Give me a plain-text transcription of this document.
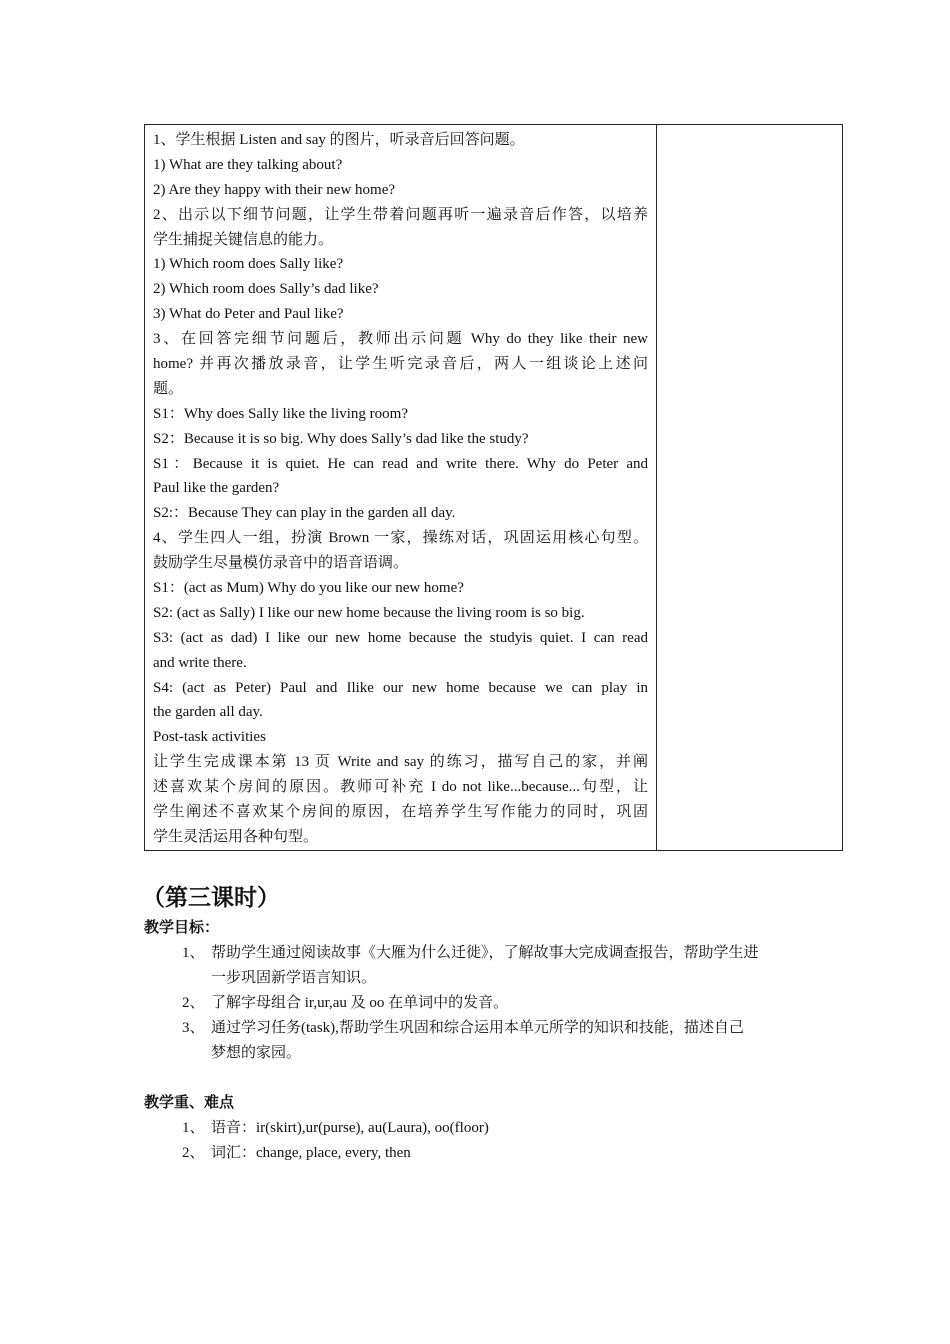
1、学生根据 Listen and say 的图片，听录音后回答问题。
1) What are they talking about?
2) Are they happy with their new home?
2、出示以下细节问题，让学生带着问题再听一遍录音后作答，以培养
学生捕捉关键信息的能力。
1) Which room does Sally like?
2) Which room does Sally’s dad like?
3) What do Peter and Paul like?
3、在回答完细节问题后，教师出示问题 Why do they like their new
home? 并再次播放录音，让学生听完录音后，两人一组谈论上述问
题。
S1：Why does Sally like the living room?
S2：Because it is so big. Why does Sally’s dad like the study?
S1：Because it is quiet. He can read and write there. Why do Peter and
Paul like the garden?
S2:：Because They can play in the garden all day.
4、学生四人一组，扮演 Brown 一家，操练对话，巩固运用核心句型。
鼓励学生尽量模仿录音中的语音语调。
S1：(act as Mum) Why do you like our new home?
S2: (act as Sally) I like our new home because the living room is so big.
S3: (act as dad) I like our new home because the studyis quiet. I can read
and write there.
S4: (act as Peter) Paul and Ilike our new home because we can play in
the garden all day.
Post-task activities
让学生完成课本第 13 页 Write and say 的练习，描写自己的家，并阐
述喜欢某个房间的原因。教师可补充 I do not like...because...句型，让
学生阐述不喜欢某个房间的原因，在培养学生写作能力的同时，巩固
学生灵活运用各种句型。

（第三课时）
教学目标：
1、 帮助学生通过阅读故事《大雁为什么迁徙》，了解故事大完成调查报告，帮助学生进
一步巩固新学语言知识。
2、 了解字母组合 ir,ur,au 及 oo 在单词中的发音。
3、 通过学习任务(task),帮助学生巩固和综合运用本单元所学的知识和技能，描述自己
梦想的家园。
教学重、难点
1、 语音：ir(skirt),ur(purse), au(Laura), oo(floor)
2、 词汇：change, place, every, then
